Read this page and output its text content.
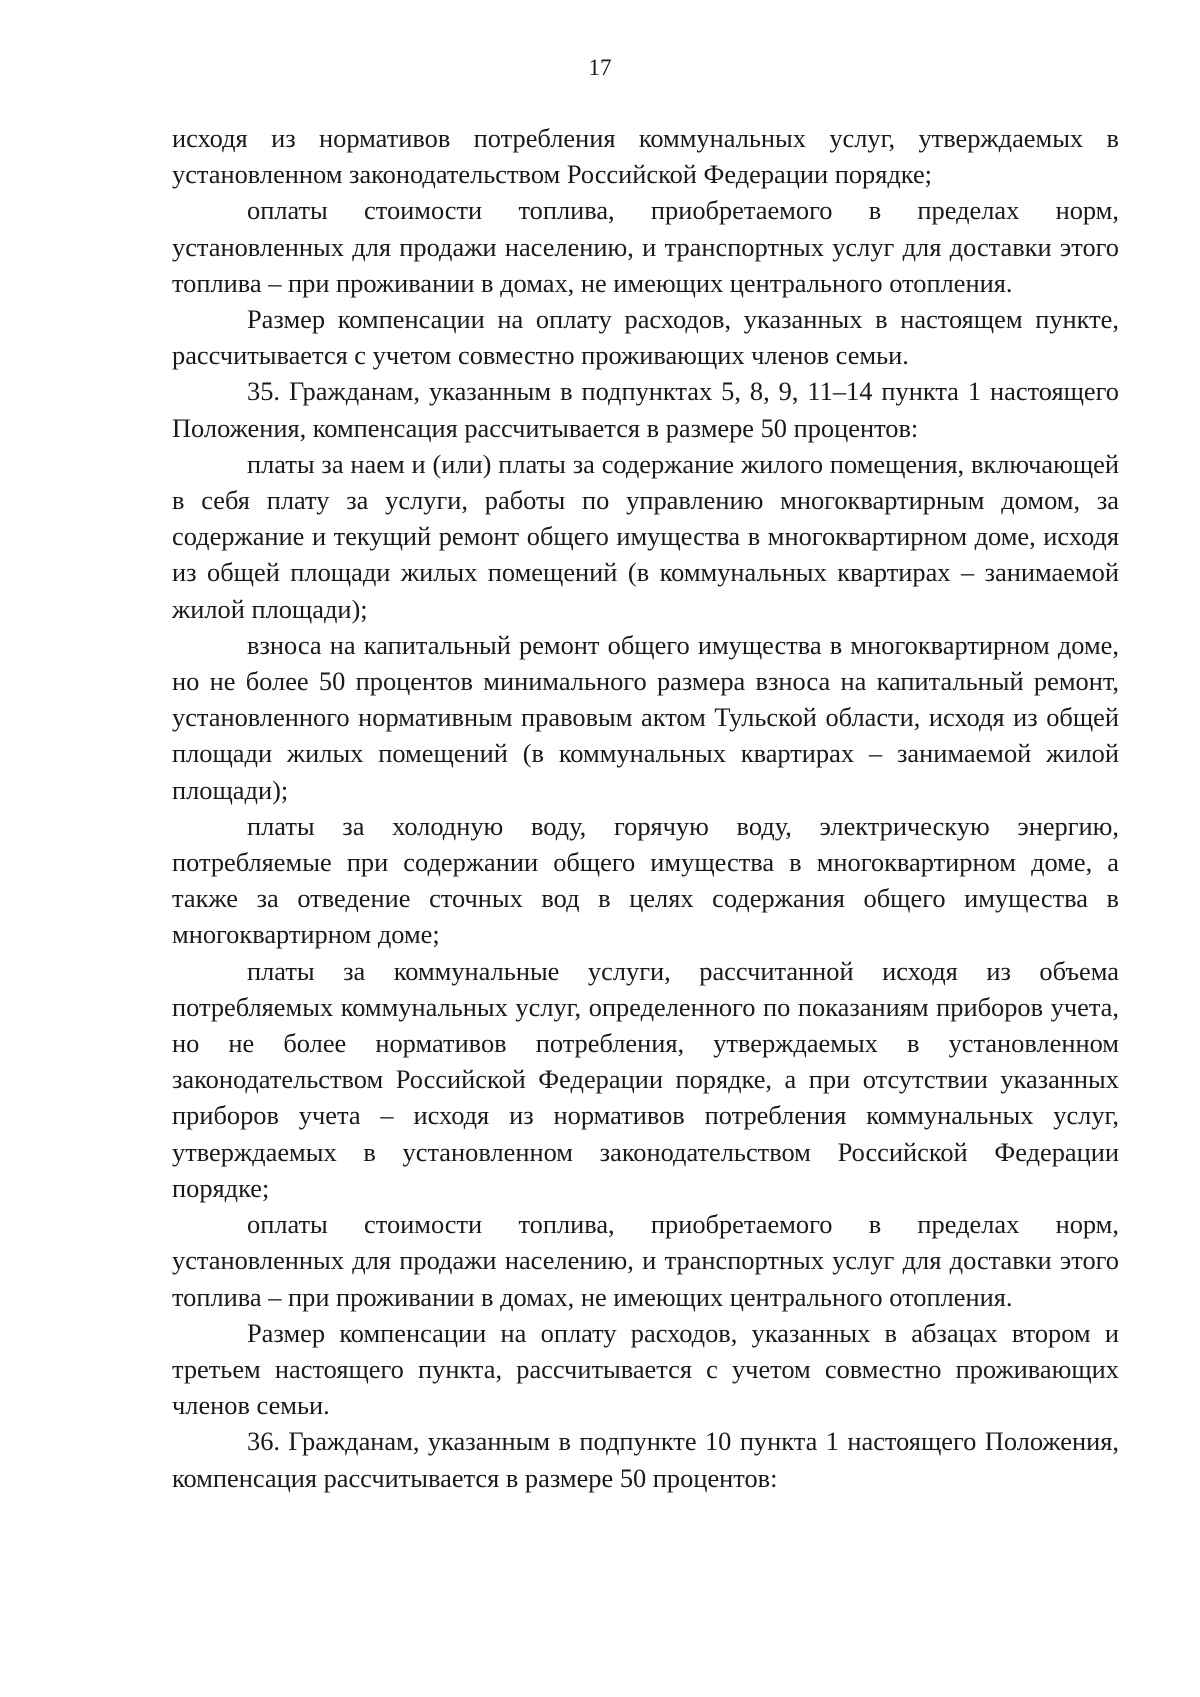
17

исходя из нормативов потребления коммунальных услуг, утверждаемых в установленном законодательством Российской Федерации порядке;

оплаты стоимости топлива, приобретаемого в пределах норм, установленных для продажи населению, и транспортных услуг для доставки этого топлива – при проживании в домах, не имеющих центрального отопления.

Размер компенсации на оплату расходов, указанных в настоящем пункте, рассчитывается с учетом совместно проживающих членов семьи.

35. Гражданам, указанным в подпунктах 5, 8, 9, 11–14 пункта 1 настоящего Положения, компенсация рассчитывается в размере 50 процентов:

платы за наем и (или) платы за содержание жилого помещения, включающей в себя плату за услуги, работы по управлению многоквартирным домом, за содержание и текущий ремонт общего имущества в многоквартирном доме, исходя из общей площади жилых помещений (в коммунальных квартирах – занимаемой жилой площади);

взноса на капитальный ремонт общего имущества в многоквартирном доме, но не более 50 процентов минимального размера взноса на капитальный ремонт, установленного нормативным правовым актом Тульской области, исходя из общей площади жилых помещений (в коммунальных квартирах – занимаемой жилой площади);

платы за холодную воду, горячую воду, электрическую энергию, потребляемые при содержании общего имущества в многоквартирном доме, а также за отведение сточных вод в целях содержания общего имущества в многоквартирном доме;

платы за коммунальные услуги, рассчитанной исходя из объема потребляемых коммунальных услуг, определенного по показаниям приборов учета, но не более нормативов потребления, утверждаемых в установленном законодательством Российской Федерации порядке, а при отсутствии указанных приборов учета – исходя из нормативов потребления коммунальных услуг, утверждаемых в установленном законодательством Российской Федерации порядке;

оплаты стоимости топлива, приобретаемого в пределах норм, установленных для продажи населению, и транспортных услуг для доставки этого топлива – при проживании в домах, не имеющих центрального отопления.

Размер компенсации на оплату расходов, указанных в абзацах втором и третьем настоящего пункта, рассчитывается с учетом совместно проживающих членов семьи.

36. Гражданам, указанным в подпункте 10 пункта 1 настоящего Положения, компенсация рассчитывается в размере 50 процентов:
